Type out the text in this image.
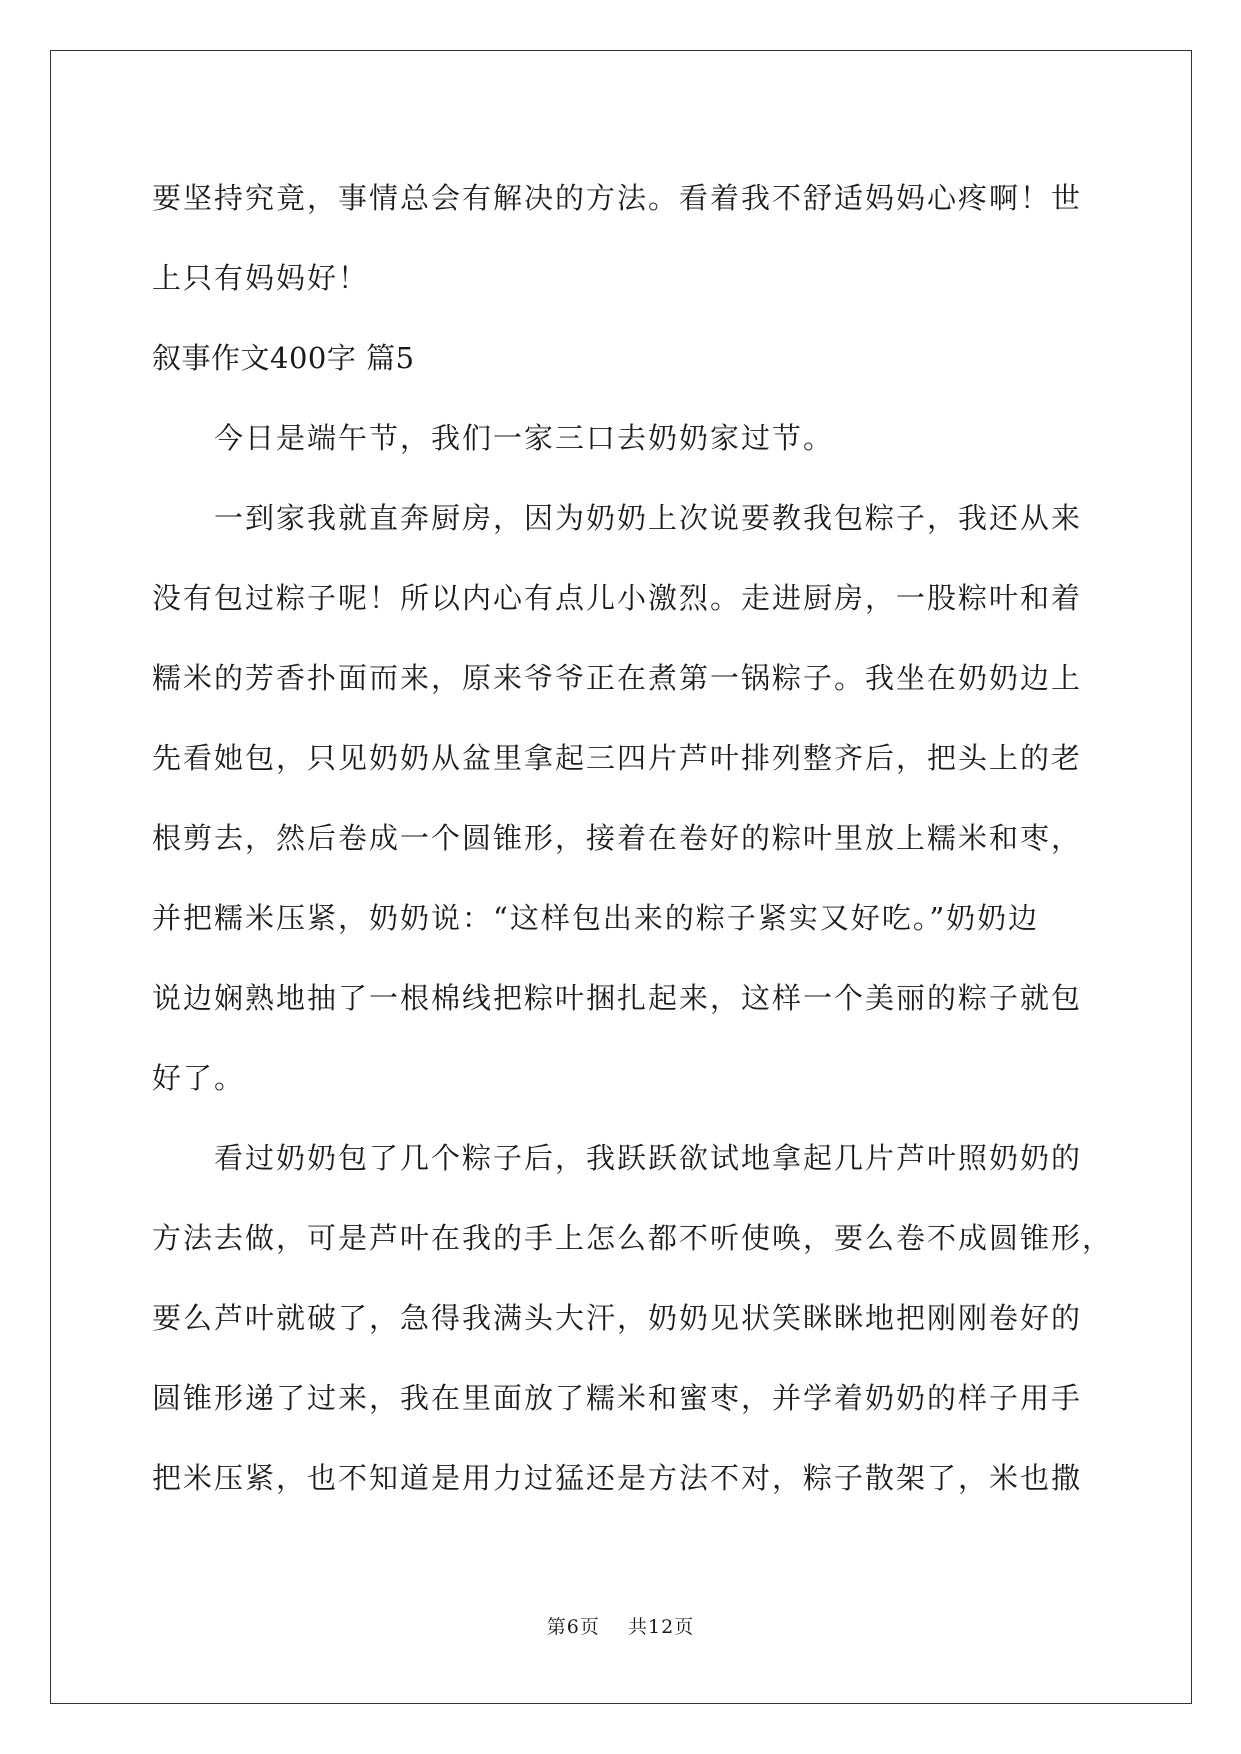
要坚持究竟，事情总会有解决的方法。看着我不舒适妈妈心疼啊！世
上只有妈妈好！
叙事作文400字 篇5
今日是端午节，我们一家三口去奶奶家过节。
一到家我就直奔厨房，因为奶奶上次说要教我包粽子，我还从来
没有包过粽子呢！所以内心有点儿小激烈。走进厨房，一股粽叶和着
糯米的芳香扑面而来，原来爷爷正在煮第一锅粽子。我坐在奶奶边上
先看她包，只见奶奶从盆里拿起三四片芦叶排列整齐后，把头上的老
根剪去，然后卷成一个圆锥形，接着在卷好的粽叶里放上糯米和枣，
并把糯米压紧，奶奶说：“这样包出来的粽子紧实又好吃。”奶奶边
说边娴熟地抽了一根棉线把粽叶捆扎起来，这样一个美丽的粽子就包
好了。
看过奶奶包了几个粽子后，我跃跃欲试地拿起几片芦叶照奶奶的
方法去做，可是芦叶在我的手上怎么都不听使唤，要么卷不成圆锥形，
要么芦叶就破了，急得我满头大汗，奶奶见状笑眯眯地把刚刚卷好的
圆锥形递了过来，我在里面放了糯米和蜜枣，并学着奶奶的样子用手
把米压紧，也不知道是用力过猛还是方法不对，粽子散架了，米也撒
第6页 共12页
